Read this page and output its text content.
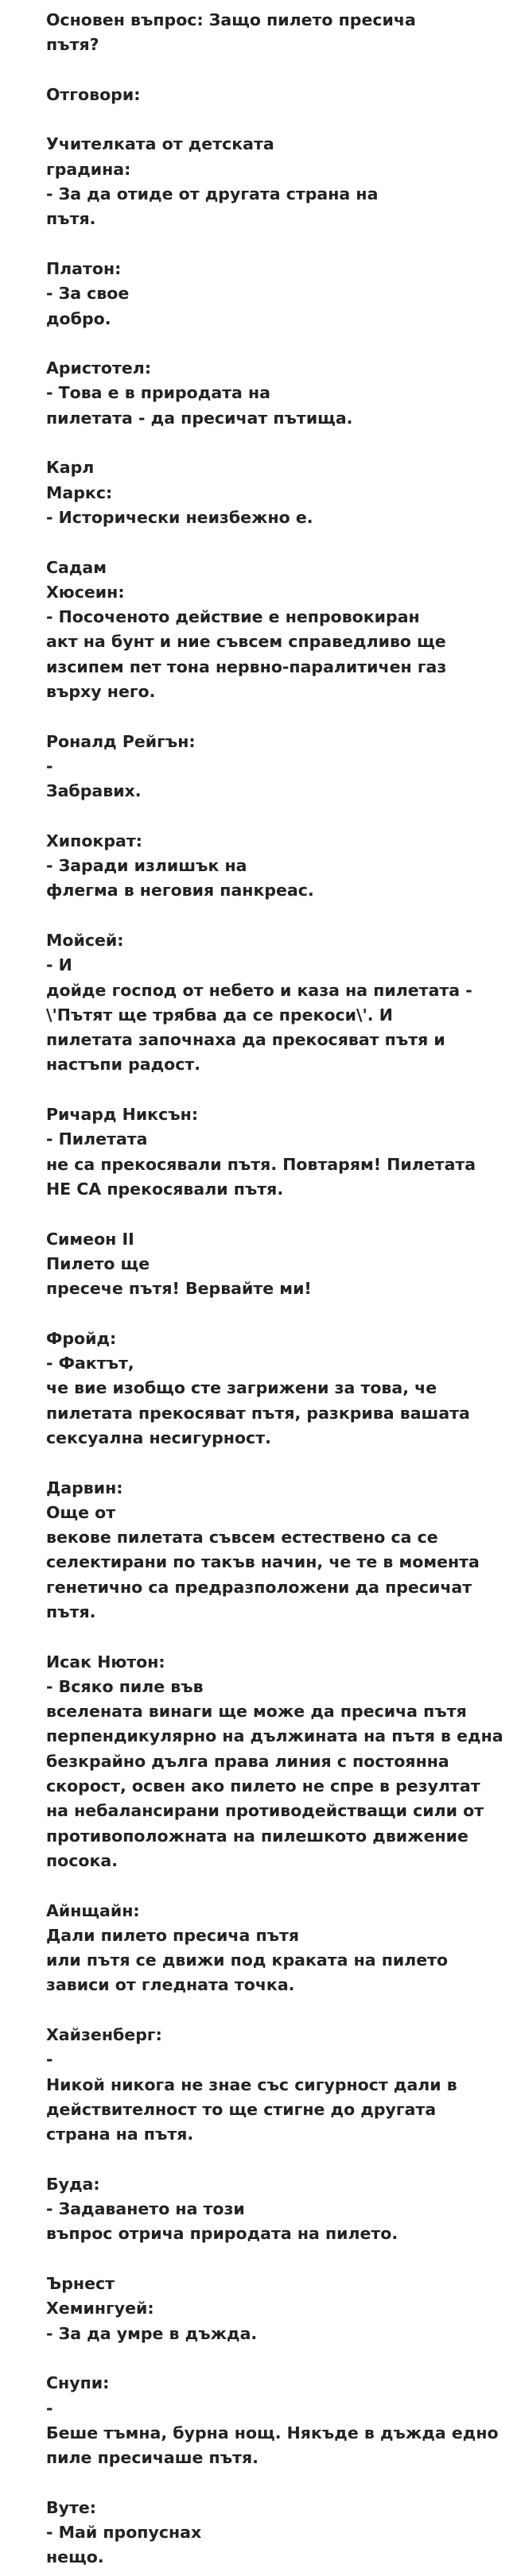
Основен въпрос: Защо пилето пресича
пътя?
Отговори:
Учителката от детската
градина:
- За да отиде от другата страна на
пътя.
Платон:
- За свое
добро.
Аристотел:
- Това е в природата на
пилетата - да пресичат пътища.
Карл
Маркс:
- Исторически неизбежно е.
Садам
Хюсеин:
- Посоченото действие е непровокиран
акт на бунт и ние съвсем справедливо ще
изсипем пет тона нервно-паралитичен газ
върху него.
Роналд Рейгън:
-
Забравих.
Хипократ:
- Заради излишък на
флегма в неговия панкреас.
Мойсей:
- И
дойде господ от небето и каза на пилетата -
\'Пътят ще трябва да се прекоси\'. И
пилетата започнаха да прекосяват пътя и
настъпи радост.
Ричард Никсън:
- Пилетата
не са прекосявали пътя. Повтарям! Пилетата
НЕ СА прекосявали пътя.
Симеон II
Пилето ще
пресече пътя! Вервайте ми!
Фройд:
- Фактът,
че вие изобщо сте загрижени за това, че
пилетата прекосяват пътя, разкрива вашата
сексуална несигурност.
Дарвин:
Още от
векове пилетата съвсем естествено са се
селектирани по такъв начин, че те в момента
генетично са предразположени да пресичат
пътя.
Исак Нютон:
- Всяко пиле във
вселената винаги ще може да пресича пътя
перпендикулярно на дължината на пътя в една
безкрайно дълга права линия с постоянна
скорост, освен ако пилето не спре в резултат
на небалансирани противодействащи сили от
противоположната на пилешкото движение
посока.
Айнщайн:
Дали пилето пресича пътя
или пътя се движи под краката на пилето
зависи от гледната точка.
Хайзенберг:
-
Никой никога не знае със сигурност дали в
действителност то ще стигне до другата
страна на пътя.
Буда:
- Задаването на този
въпрос отрича природата на пилето.
Ърнест
Хемингуей:
- За да умре в дъжда.
Снупи:
-
Беше тъмна, бурна нощ. Някъде в дъжда едно
пиле пресичаше пътя.
Вуте:
- Май пропуснах
нещо.
